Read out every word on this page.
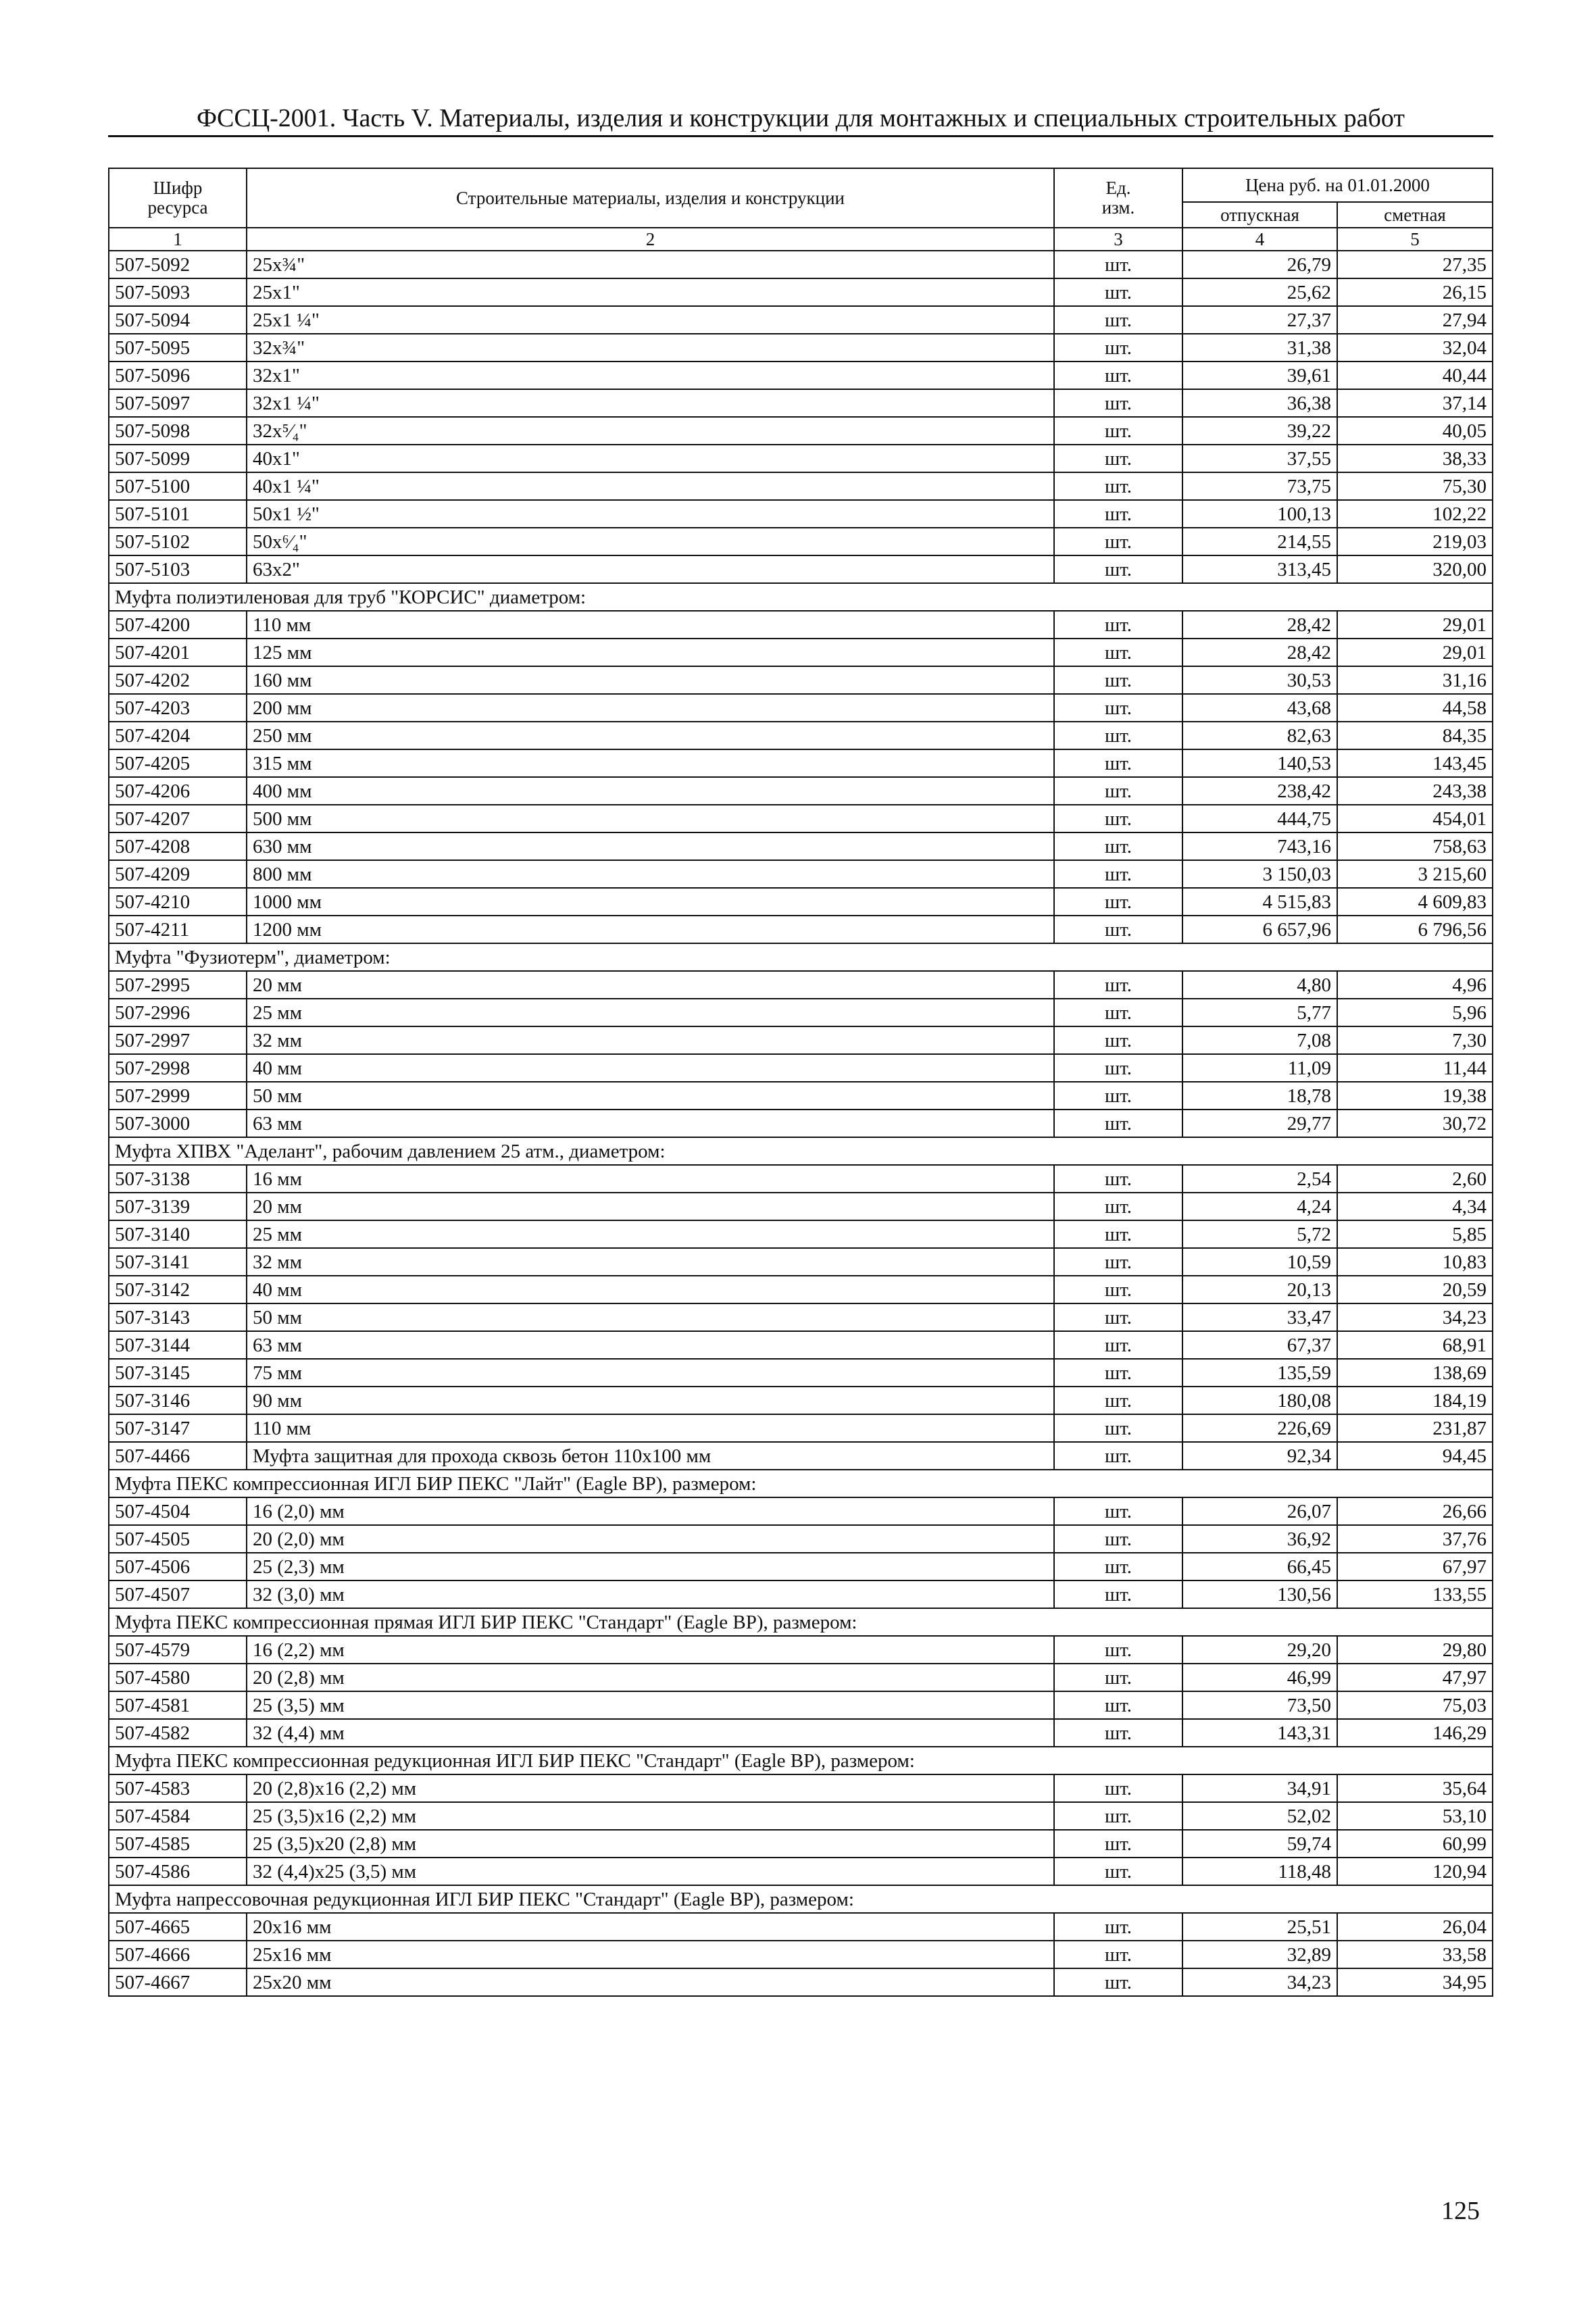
ФССЦ-2001. Часть V. Материалы, изделия и конструкции для монтажных и специальных строительных работ
Шифр ресурса	Строительные материалы, изделия и конструкции	Ед. изм.	Цена руб. на 01.01.2000	
			отпускная	сметная
1	2	3	4	5
507-5092	25x¾"	шт.	26,79	27,35
507-5093	25x1"	шт.	25,62	26,15
507-5094	25x1 ¼"	шт.	27,37	27,94
507-5095	32x¾"	шт.	31,38	32,04
507-5096	32x1"	шт.	39,61	40,44
507-5097	32x1 ¼"	шт.	36,38	37,14
507-5098	32x⁵⁄₄"	шт.	39,22	40,05
507-5099	40x1"	шт.	37,55	38,33
507-5100	40x1 ¼"	шт.	73,75	75,30
507-5101	50x1 ½"	шт.	100,13	102,22
507-5102	50x⁶⁄₄"	шт.	214,55	219,03
507-5103	63x2"	шт.	313,45	320,00
Муфта полиэтиленовая для труб "КОРСИС" диаметром:				
507-4200	110 мм	шт.	28,42	29,01
507-4201	125 мм	шт.	28,42	29,01
507-4202	160 мм	шт.	30,53	31,16
507-4203	200 мм	шт.	43,68	44,58
507-4204	250 мм	шт.	82,63	84,35
507-4205	315 мм	шт.	140,53	143,45
507-4206	400 мм	шт.	238,42	243,38
507-4207	500 мм	шт.	444,75	454,01
507-4208	630 мм	шт.	743,16	758,63
507-4209	800 мм	шт.	3 150,03	3 215,60
507-4210	1000 мм	шт.	4 515,83	4 609,83
507-4211	1200 мм	шт.	6 657,96	6 796,56
Муфта "Фузиотерм", диаметром:				
507-2995	20 мм	шт.	4,80	4,96
507-2996	25 мм	шт.	5,77	5,96
507-2997	32 мм	шт.	7,08	7,30
507-2998	40 мм	шт.	11,09	11,44
507-2999	50 мм	шт.	18,78	19,38
507-3000	63 мм	шт.	29,77	30,72
Муфта ХПВХ "Аделант", рабочим давлением 25 атм., диаметром:				
507-3138	16 мм	шт.	2,54	2,60
507-3139	20 мм	шт.	4,24	4,34
507-3140	25 мм	шт.	5,72	5,85
507-3141	32 мм	шт.	10,59	10,83
507-3142	40 мм	шт.	20,13	20,59
507-3143	50 мм	шт.	33,47	34,23
507-3144	63 мм	шт.	67,37	68,91
507-3145	75 мм	шт.	135,59	138,69
507-3146	90 мм	шт.	180,08	184,19
507-3147	110 мм	шт.	226,69	231,87
507-4466	Муфта защитная для прохода сквозь бетон 110x100 мм	шт.	92,34	94,45
Муфта ПЕКС компрессионная ИГЛ БИР ПЕКС "Лайт" (Eagle BP), размером:				
507-4504	16 (2,0) мм	шт.	26,07	26,66
507-4505	20 (2,0) мм	шт.	36,92	37,76
507-4506	25 (2,3) мм	шт.	66,45	67,97
507-4507	32 (3,0) мм	шт.	130,56	133,55
Муфта ПЕКС компрессионная прямая ИГЛ БИР ПЕКС "Стандарт" (Eagle BP), размером:				
507-4579	16 (2,2) мм	шт.	29,20	29,80
507-4580	20 (2,8) мм	шт.	46,99	47,97
507-4581	25 (3,5) мм	шт.	73,50	75,03
507-4582	32 (4,4) мм	шт.	143,31	146,29
Муфта ПЕКС компрессионная редукционная ИГЛ БИР ПЕКС "Стандарт" (Eagle BP), размером:				
507-4583	20 (2,8)x16 (2,2) мм	шт.	34,91	35,64
507-4584	25 (3,5)x16 (2,2) мм	шт.	52,02	53,10
507-4585	25 (3,5)x20 (2,8) мм	шт.	59,74	60,99
507-4586	32 (4,4)x25 (3,5) мм	шт.	118,48	120,94
Муфта напрессовочная редукционная ИГЛ БИР ПЕКС "Стандарт" (Eagle BP), размером:				
507-4665	20x16 мм	шт.	25,51	26,04
507-4666	25x16 мм	шт.	32,89	33,58
507-4667	25x20 мм	шт.	34,23	34,95
125
